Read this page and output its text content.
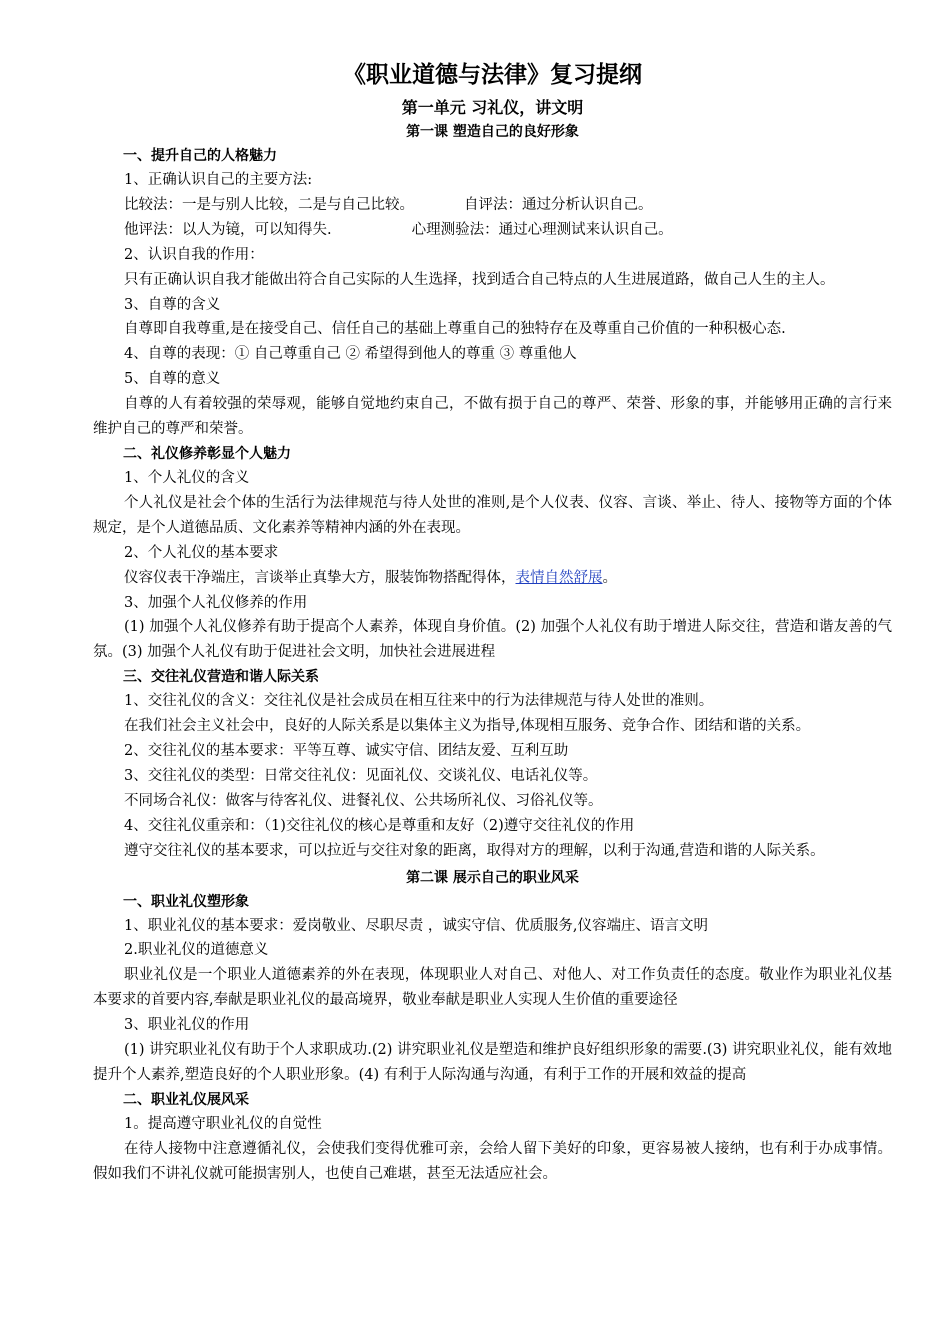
《职业道德与法律》复习提纲
第一单元 习礼仪，讲文明
第一课 塑造自己的良好形象
一、提升自己的人格魅力
1、正确认识自己的主要方法:
比较法：一是与别人比较，二是与自己比较。	自评法：通过分析认识自己。
他评法：以人为镜，可以知得失.	心理测验法：通过心理测试来认识自己。
2、认识自我的作用：
只有正确认识自我才能做出符合自己实际的人生选择，找到适合自己特点的人生进展道路，做自己人生的主人。
3、自尊的含义
自尊即自我尊重,是在接受自己、信任自己的基础上尊重自己的独特存在及尊重自己价值的一种积极心态.
4、自尊的表现：① 自己尊重自己 ② 希望得到他人的尊重 ③ 尊重他人
5、自尊的意义
自尊的人有着较强的荣辱观，能够自觉地约束自己，不做有损于自己的尊严、荣誉、形象的事，并能够用正确的言行来维护自己的尊严和荣誉。
二、礼仪修养彰显个人魅力
1、个人礼仪的含义
个人礼仪是社会个体的生活行为法律规范与待人处世的准则,是个人仪表、仪容、言谈、举止、待人、接物等方面的个体规定，是个人道德品质、文化素养等精神内涵的外在表现。
2、个人礼仪的基本要求
仪容仪表干净端庄，言谈举止真挚大方，服装饰物搭配得体，表情自然舒展。
3、加强个人礼仪修养的作用
(1) 加强个人礼仪修养有助于提高个人素养，体现自身价值。(2) 加强个人礼仪有助于增进人际交往，营造和谐友善的气氛。(3) 加强个人礼仪有助于促进社会文明，加快社会进展进程
三、交往礼仪营造和谐人际关系
1、交往礼仪的含义：交往礼仪是社会成员在相互往来中的行为法律规范与待人处世的准则。
在我们社会主义社会中，良好的人际关系是以集体主义为指导,体现相互服务、竞争合作、团结和谐的关系。
2、交往礼仪的基本要求：平等互尊、诚实守信、团结友爱、互利互助
3、交往礼仪的类型：日常交往礼仪：见面礼仪、交谈礼仪、电话礼仪等。
不同场合礼仪：做客与待客礼仪、进餐礼仪、公共场所礼仪、习俗礼仪等。
4、交往礼仪重亲和：（1)交往礼仪的核心是尊重和友好（2)遵守交往礼仪的作用
遵守交往礼仪的基本要求，可以拉近与交往对象的距离，取得对方的理解，以利于沟通,营造和谐的人际关系。
第二课 展示自己的职业风采
一、职业礼仪塑形象
1、职业礼仪的基本要求：爱岗敬业、尽职尽责 ，诚实守信、优质服务,仪容端庄、语言文明
2.职业礼仪的道德意义
职业礼仪是一个职业人道德素养的外在表现，体现职业人对自己、对他人、对工作负责任的态度。敬业作为职业礼仪基本要求的首要内容,奉献是职业礼仪的最高境界，敬业奉献是职业人实现人生价值的重要途径
3、职业礼仪的作用
(1) 讲究职业礼仪有助于个人求职成功.(2) 讲究职业礼仪是塑造和维护良好组织形象的需要.(3) 讲究职业礼仪，能有效地提升个人素养,塑造良好的个人职业形象。(4) 有利于人际沟通与沟通，有利于工作的开展和效益的提高
二、职业礼仪展风采
1。提高遵守职业礼仪的自觉性
在待人接物中注意遵循礼仪，会使我们变得优雅可亲，会给人留下美好的印象，更容易被人接纳，也有利于办成事情。假如我们不讲礼仪就可能损害别人，也使自己难堪，甚至无法适应社会。
